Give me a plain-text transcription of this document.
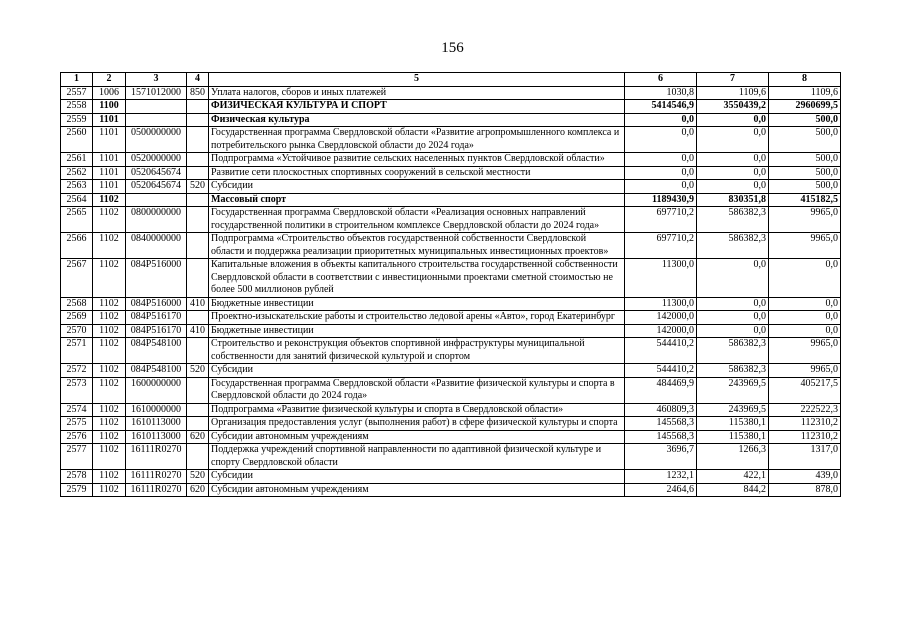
156
1	2	3	4	5	6	7	8
2557	1006	1571012000	850	Уплата налогов, сборов и иных платежей	1030,8	1109,6	1109,6
2558	1100			ФИЗИЧЕСКАЯ КУЛЬТУРА И СПОРТ	5414546,9	3550439,2	2960699,5
2559	1101			Физическая культура	0,0	0,0	500,0
2560	1101	0500000000		Государственная программа Свердловской области «Развитие агропромышленного комплекса и потребительского рынка Свердловской области до 2024 года»	0,0	0,0	500,0
2561	1101	0520000000		Подпрограмма «Устойчивое развитие сельских населенных пунктов Свердловской области»	0,0	0,0	500,0
2562	1101	0520645674		Развитие сети плоскостных спортивных сооружений в сельской местности	0,0	0,0	500,0
2563	1101	0520645674	520	Субсидии	0,0	0,0	500,0
2564	1102			Массовый спорт	1189430,9	830351,8	415182,5
2565	1102	0800000000		Государственная программа Свердловской области «Реализация основных направлений государственной политики в строительном комплексе Свердловской области до 2024 года»	697710,2	586382,3	9965,0
2566	1102	0840000000		Подпрограмма «Строительство объектов государственной собственности Свердловской области и поддержка реализации приоритетных муниципальных инвестиционных проектов»	697710,2	586382,3	9965,0
2567	1102	084P516000		Капитальные вложения в объекты капитального строительства государственной собственности Свердловской области в соответствии с инвестиционными проектами сметной стоимостью не более 500 миллионов рублей	11300,0	0,0	0,0
2568	1102	084P516000	410	Бюджетные инвестиции	11300,0	0,0	0,0
2569	1102	084P516170		Проектно-изыскательские работы и строительство ледовой арены «Авто», город Екатеринбург	142000,0	0,0	0,0
2570	1102	084P516170	410	Бюджетные инвестиции	142000,0	0,0	0,0
2571	1102	084P548100		Строительство и реконструкция объектов спортивной инфраструктуры муниципальной собственности для занятий физической культурой и спортом	544410,2	586382,3	9965,0
2572	1102	084P548100	520	Субсидии	544410,2	586382,3	9965,0
2573	1102	1600000000		Государственная программа Свердловской области «Развитие физической культуры и спорта в Свердловской области до 2024 года»	484469,9	243969,5	405217,5
2574	1102	1610000000		Подпрограмма «Развитие физической культуры и спорта в Свердловской области»	460809,3	243969,5	222522,3
2575	1102	1610113000		Организация предоставления услуг (выполнения работ) в сфере физической культуры и спорта	145568,3	115380,1	112310,2
2576	1102	1610113000	620	Субсидии автономным учреждениям	145568,3	115380,1	112310,2
2577	1102	16111R0270		Поддержка учреждений спортивной направленности по адаптивной физической культуре и спорту Свердловской области	3696,7	1266,3	1317,0
2578	1102	16111R0270	520	Субсидии	1232,1	422,1	439,0
2579	1102	16111R0270	620	Субсидии автономным учреждениям	2464,6	844,2	878,0
